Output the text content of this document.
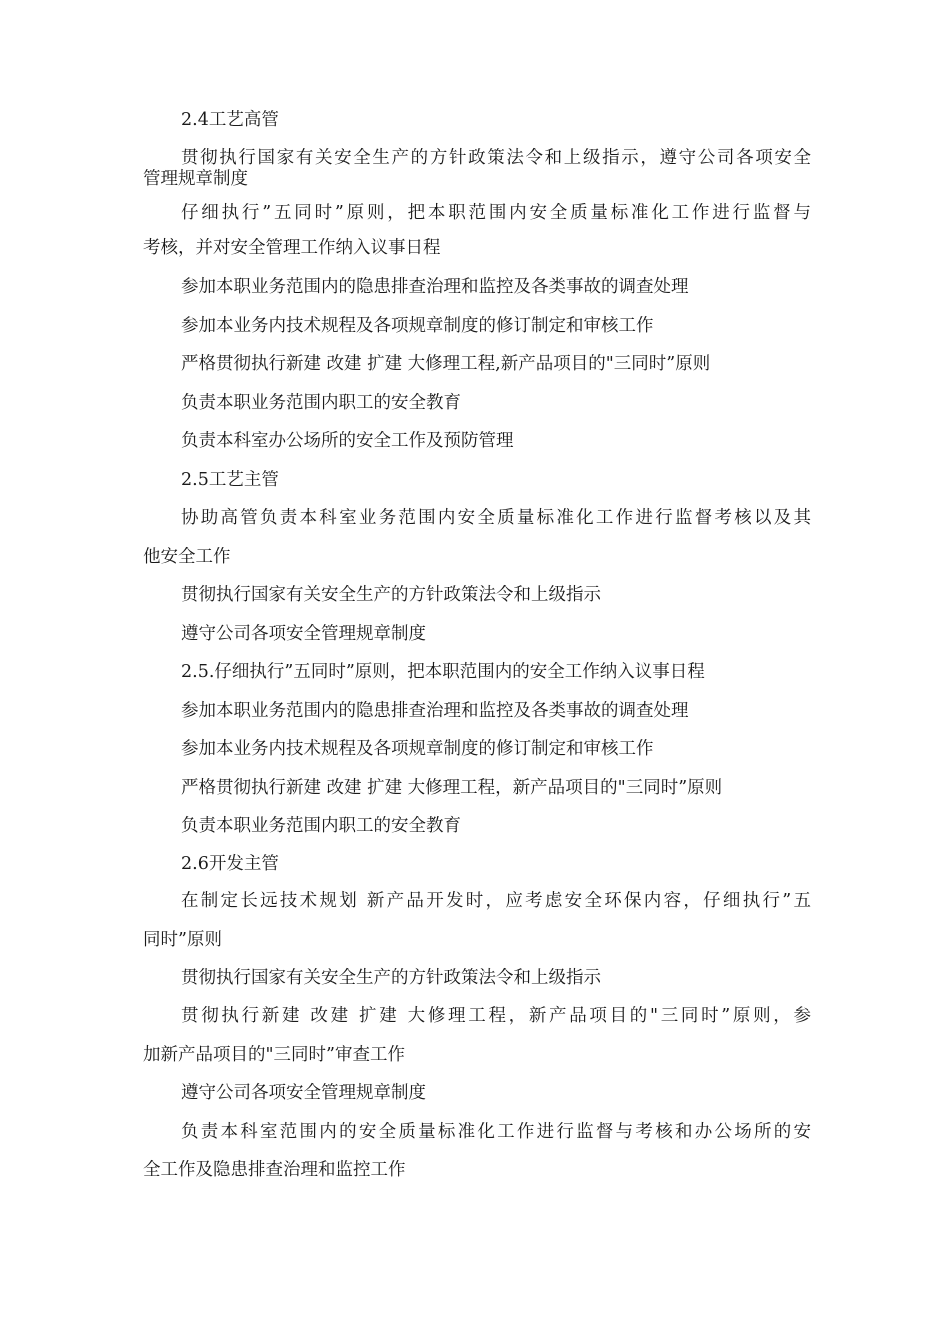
2.4工艺高管

贯彻执行国家有关安全生产的方针政策法令和上级指示，遵守公司各项安全

管理规章制度

仔细执行”五同时”原则，把本职范围内安全质量标准化工作进行监督与

考核，并对安全管理工作纳入议事日程

参加本职业务范围内的隐患排查治理和监控及各类事故的调查处理

参加本业务内技术规程及各项规章制度的修订制定和审核工作

严格贯彻执行新建 改建 扩建 大修理工程,新产品项目的"三同时”原则

负责本职业务范围内职工的安全教育

负责本科室办公场所的安全工作及预防管理

2.5工艺主管

协助高管负责本科室业务范围内安全质量标准化工作进行监督考核以及其

他安全工作

贯彻执行国家有关安全生产的方针政策法令和上级指示

遵守公司各项安全管理规章制度

2.5.仔细执行”五同时”原则，把本职范围内的安全工作纳入议事日程

参加本职业务范围内的隐患排查治理和监控及各类事故的调查处理

参加本业务内技术规程及各项规章制度的修订制定和审核工作

严格贯彻执行新建 改建 扩建 大修理工程，新产品项目的"三同时”原则

负责本职业务范围内职工的安全教育

2.6开发主管

在制定长远技术规划 新产品开发时，应考虑安全环保内容，仔细执行”五

同时”原则

贯彻执行国家有关安全生产的方针政策法令和上级指示

贯彻执行新建 改建 扩建 大修理工程，新产品项目的"三同时”原则，参

加新产品项目的"三同时”审查工作

遵守公司各项安全管理规章制度

负责本科室范围内的安全质量标准化工作进行监督与考核和办公场所的安

全工作及隐患排查治理和监控工作
